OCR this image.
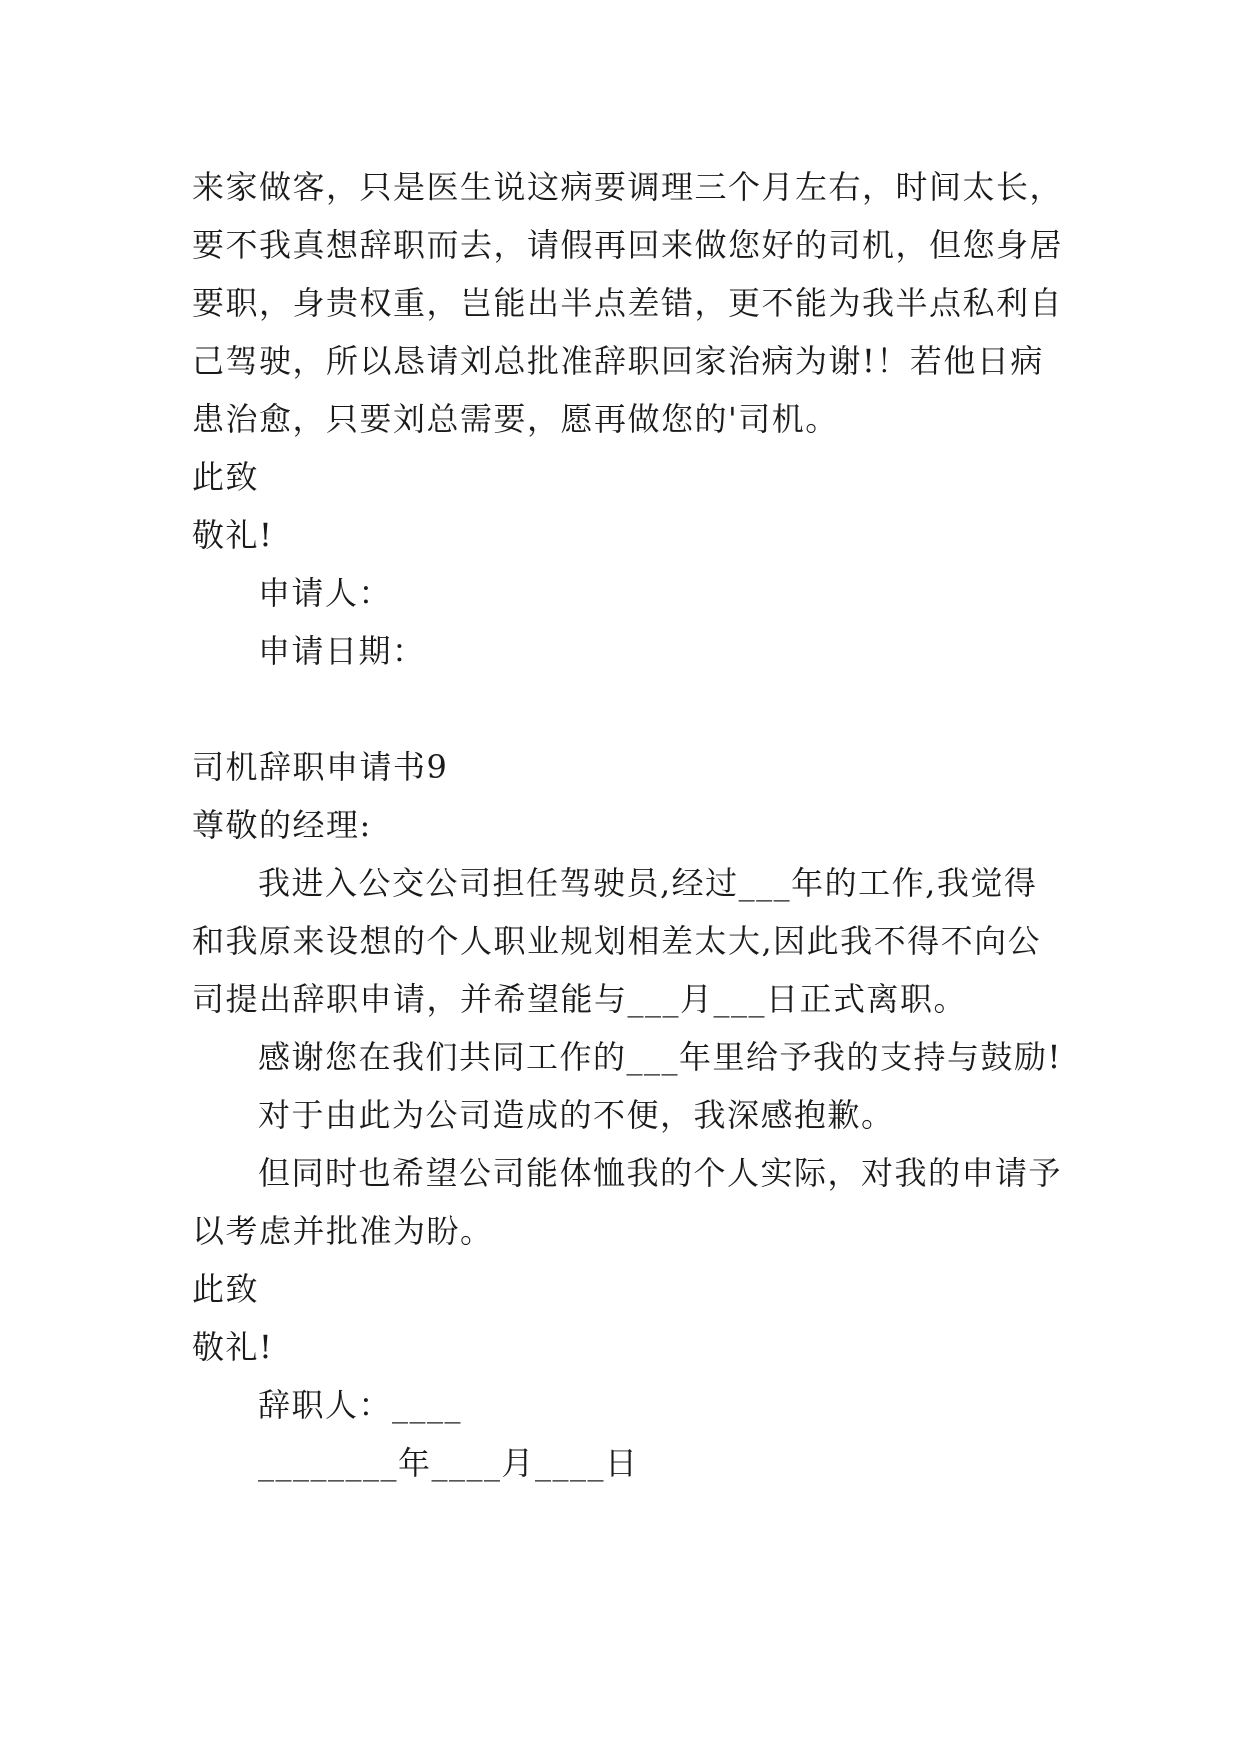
来家做客，只是医生说这病要调理三个月左右，时间太长，
要不我真想辞职而去，请假再回来做您好的司机，但您身居
要职，身贵权重，岂能出半点差错，更不能为我半点私利自
己驾驶，所以恳请刘总批准辞职回家治病为谢!！若他日病
患治愈，只要刘总需要，愿再做您的'司机。
此致
敬礼!
申请人：
申请日期：
司机辞职申请书9
尊敬的经理:
我进入公交公司担任驾驶员,经过___年的工作,我觉得
和我原来设想的个人职业规划相差太大,因此我不得不向公
司提出辞职申请，并希望能与___月___日正式离职。
感谢您在我们共同工作的___年里给予我的支持与鼓励!
对于由此为公司造成的不便，我深感抱歉。
但同时也希望公司能体恤我的个人实际，对我的申请予
以考虑并批准为盼。
此致
敬礼!
辞职人：____
________年____月____日
